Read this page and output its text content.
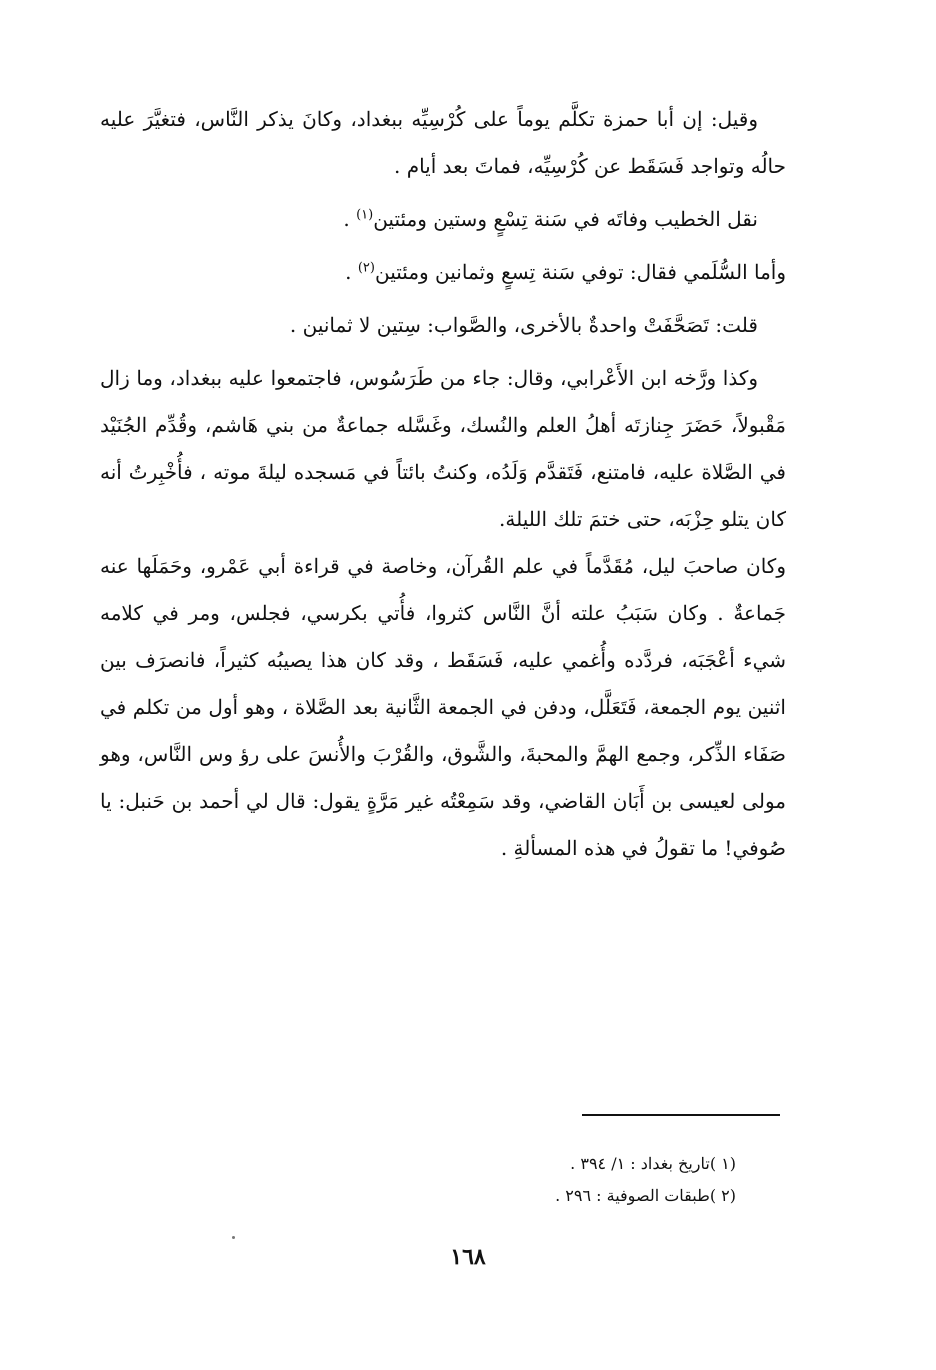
وقيل: إن أبا حمزة تكلَّم يوماً على كُرْسِيِّه ببغداد، وكانَ يذكر النَّاس، فتغيَّرَ عليه حالُه وتواجد فَسَقَط عن كُرْسِيِّه، فماتَ بعد أيام .

نقل الخطيب وفاتَه في سَنة تِسْعٍ وستين ومئتين$^{(١)}$ .

وأما السُّلَمي فقال: توفي سَنة تِسعٍ وثمانين ومئتين$^{(٢)}$ .

قلت: تَصَحَّفَتْ واحدةٌ بالأخرى، والصَّواب: سِتين لا ثمانين .

وكذا ورَّخه ابن الأَعْرابي، وقال: جاء من طَرَسُوس، فاجتمعوا عليه ببغداد، وما زال مَقْبولاً، حَضَرَ جِنازتَه أهلُ العلم والنُسك، وغَسَّله جماعةٌ من بني هَاشم، وقُدِّم الجُنَيْد في الصَّلاة عليه، فامتنع، فَتَقدَّم وَلَدُه، وكنتُ بائتاً في مَسجده ليلةَ موته ، فأُخْبِرتُ أنه كان يتلو حِزْبَه، حتى ختمَ تلك الليلة.

وكان صاحبَ ليل، مُقَدَّماً في علم القُرآن، وخاصة في قراءة أبي عَمْرو، وحَمَلَها عنه جَماعةٌ . وكان سَبَبُ علته أنَّ النَّاس كثروا، فأُتي بكرسي، فجلس، ومر في كلامه شيء أعْجَبَه، فردَّده وأُغمي عليه، فَسَقَط ، وقد كان هذا يصيبُه كثيراً، فانصرَف بين اثنين يوم الجمعة، فَتَعَلَّل، ودفن في الجمعة الثَّانية بعد الصَّلاة ، وهو أول من تكلم في صَفَاء الذِّكر، وجمع الهمَّ والمحبةَ، والشَّوق، والقُرْبَ والأُنسَ على رؤ وس النَّاس، وهو مولى لعيسى بن أَبَان القاضي، وقد سَمِعْتُه غير مَرَّةٍ يقول: قال لي أحمد بن حَنبل: يا صُوفي! ما تقولُ في هذه المسألةِ .

(١ )تاريخ بغداد : ١/ ٣٩٤ .

(٢ )طبقات الصوفية : ٢٩٦ .

١٦٨
